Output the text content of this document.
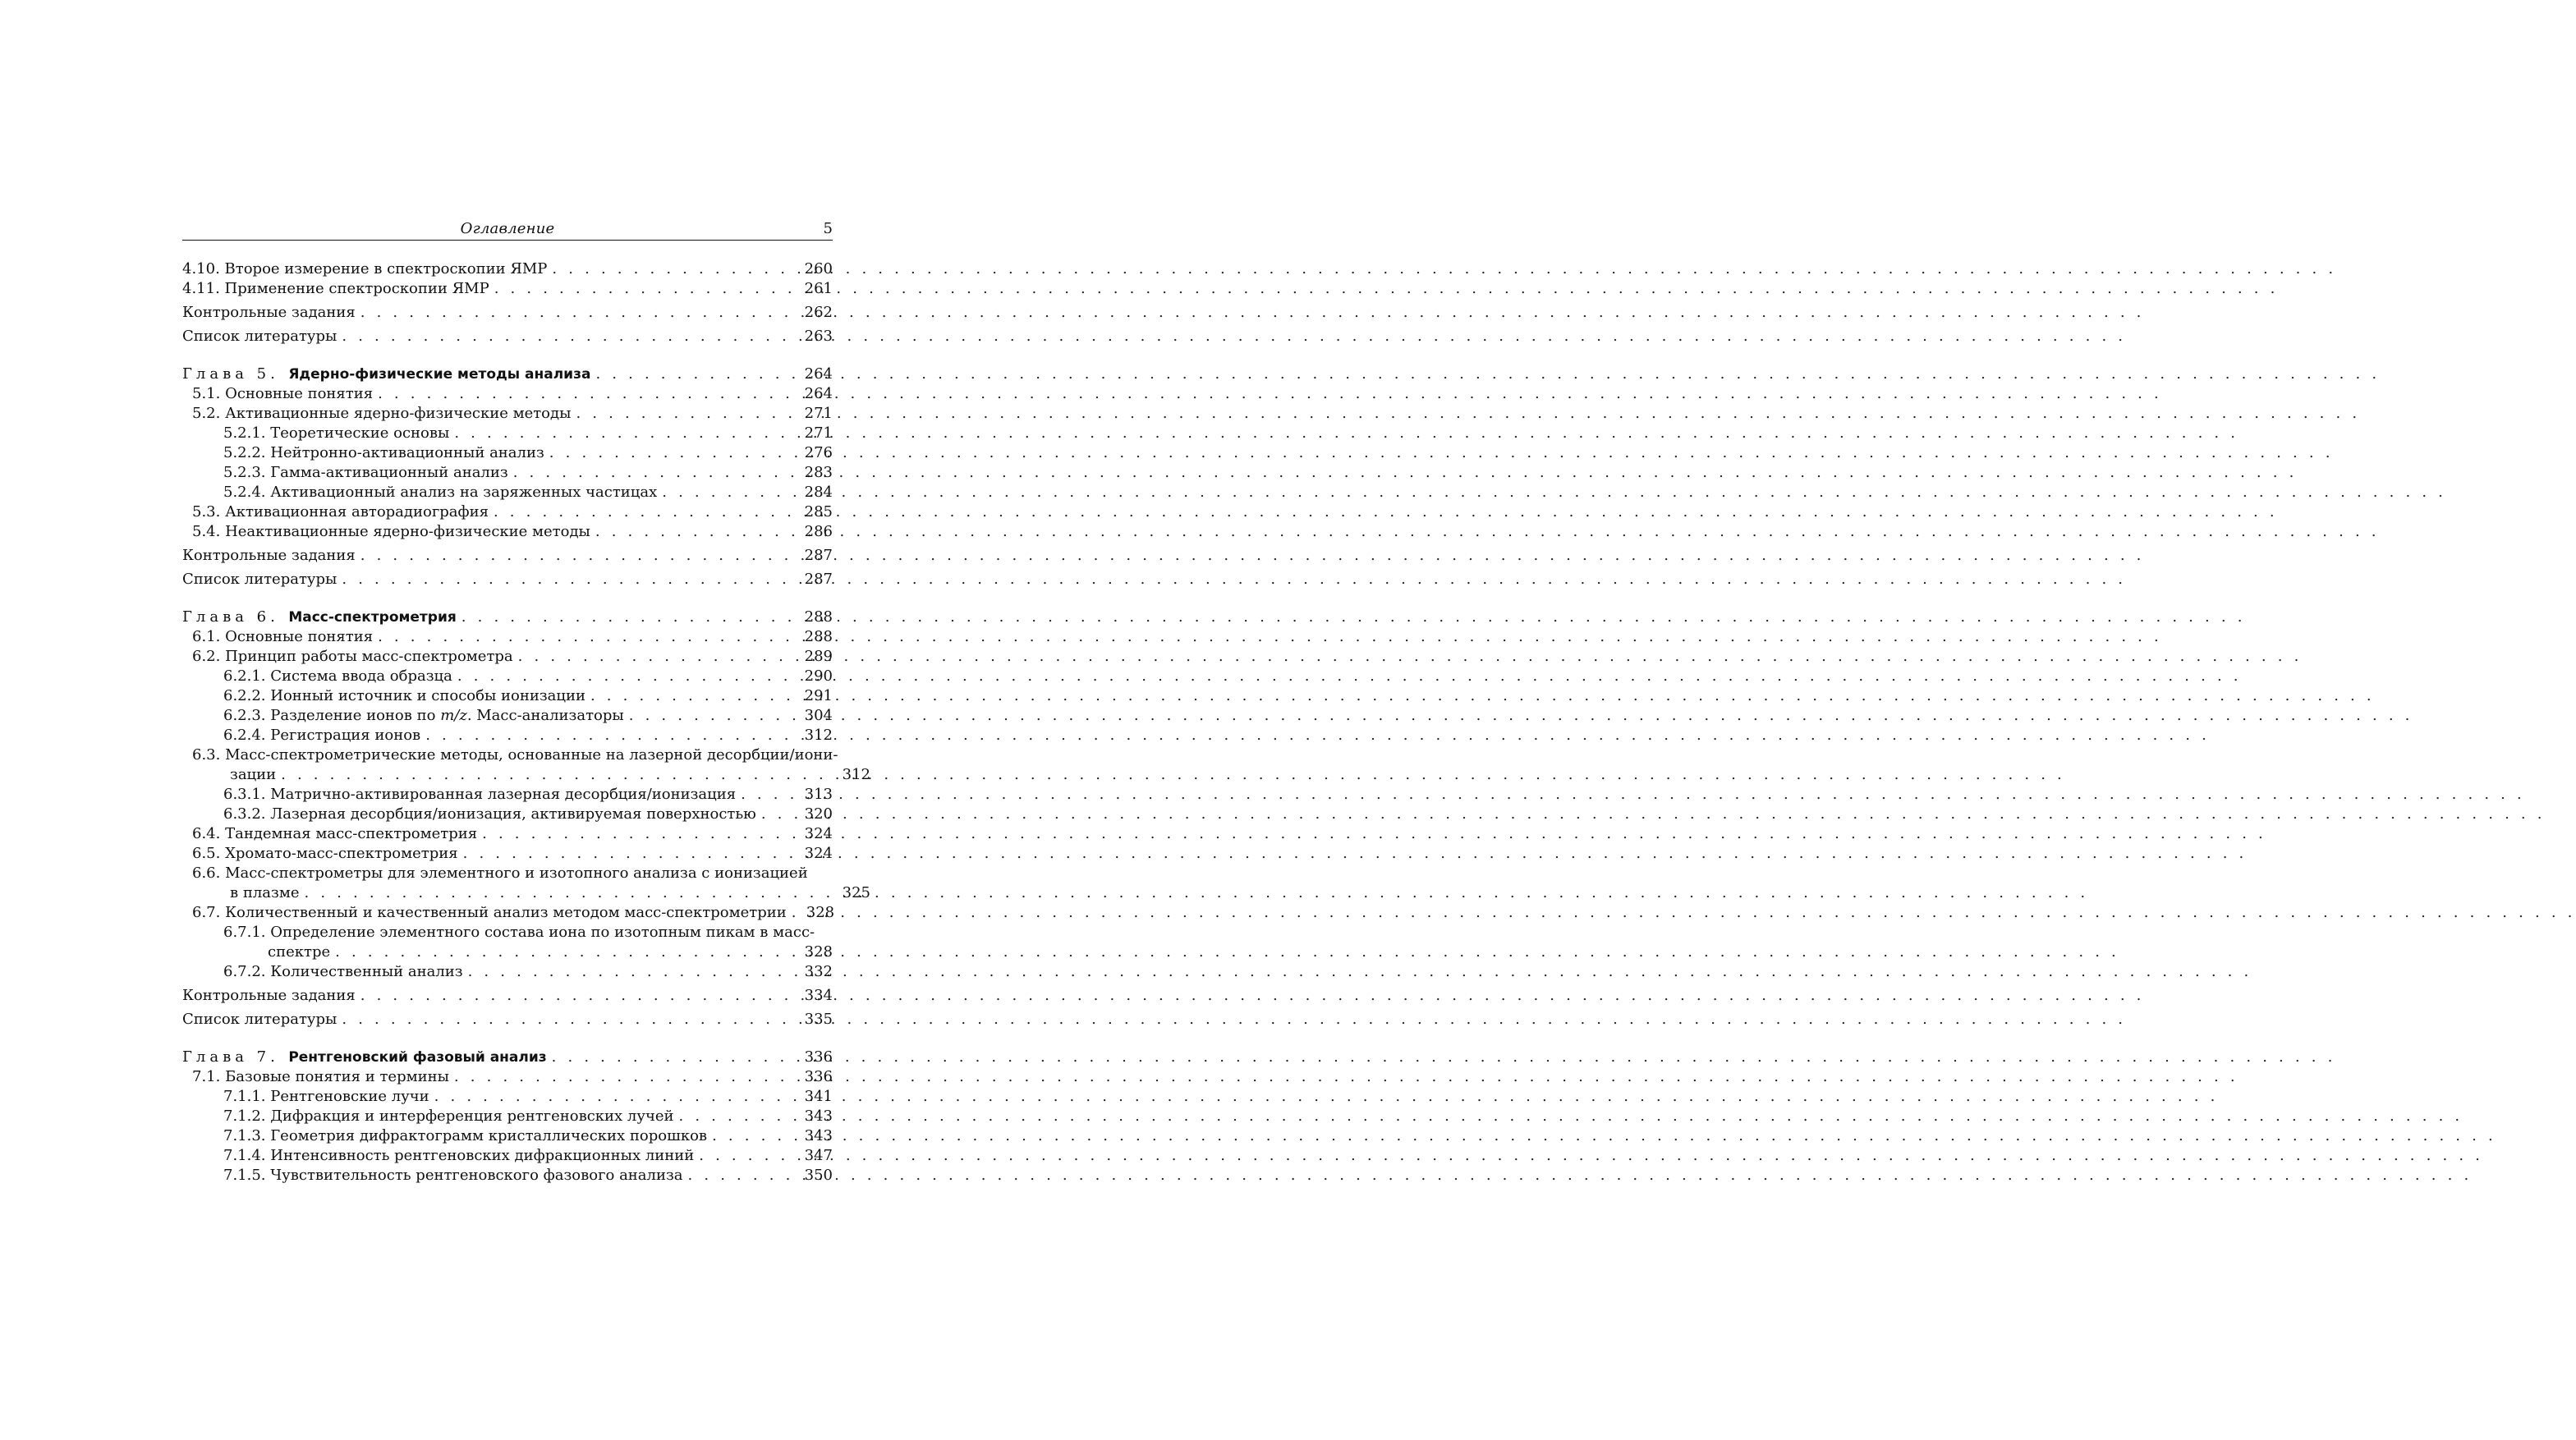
Оглавление	5
4.10. Второе измерение в спектроскопии ЯМР . . .	260
4.11. Применение спектроскопии ЯМР . . .	261
Контрольные задания . . .	262
Список литературы . . .	263
Глава 5.
Ядерно-физические методы анализа . . .	264
5.1. Основные понятия . . .	264
5.2. Активационные ядерно-физические методы . . .	271
5.2.1. Теоретические основы . . .	271
5.2.2. Нейтронно-активационный анализ . . .	276
5.2.3. Гамма-активационный анализ . . .	283
5.2.4. Активационный анализ на заряженных частицах . . .	284
5.3. Активационная авторадиография . . .	285
5.4. Неактивационные ядерно-физические методы . . .	286
Контрольные задания . . .	287
Список литературы . . .	287
Глава 6.
Масс-спектрометрия . . .	288
6.1. Основные понятия . . .	288
6.2. Принцип работы масс-спектрометра . . .	289
6.2.1. Система ввода образца . . .	290
6.2.2. Ионный источник и способы ионизации . . .	291
6.2.3. Разделение ионов по m/z. Масс-анализаторы . . .	304
6.2.4. Регистрация ионов . . .	312
6.3. Масс-спектрометрические методы, основанные на лазерной десорбции/иони-
зации . . .	312
6.3.1. Матрично-активированная лазерная десорбция/ионизация . . .	313
6.3.2. Лазерная десорбция/ионизация, активируемая поверхностью . . .	320
6.4. Тандемная масс-спектрометрия . . .	324
6.5. Хромато-масс-спектрометрия . . .	324
6.6. Масс-спектрометры для элементного и изотопного анализа с ионизацией
в плазме . . .	325
6.7. Количественный и качественный анализ методом масс-спектрометрии . . . 328
6.7.1. Определение элементного состава иона по изотопным пикам в масс-
спектре . . .	328
6.7.2. Количественный анализ . . .	332
Контрольные задания . . .	334
Список литературы . . .	335
Глава 7.
Рентгеновский фазовый анализ . . .	336
7.1. Базовые понятия и термины . . .	336
7.1.1. Рентгеновские лучи . . .	341
7.1.2. Дифракция и интерференция рентгеновских лучей . . .	343
7.1.3. Геометрия дифрактограмм кристаллических порошков . . .	343
7.1.4. Интенсивность рентгеновских дифракционных линий . . .	347
7.1.5. Чувствительность рентгеновского фазового анализа . . .	350
